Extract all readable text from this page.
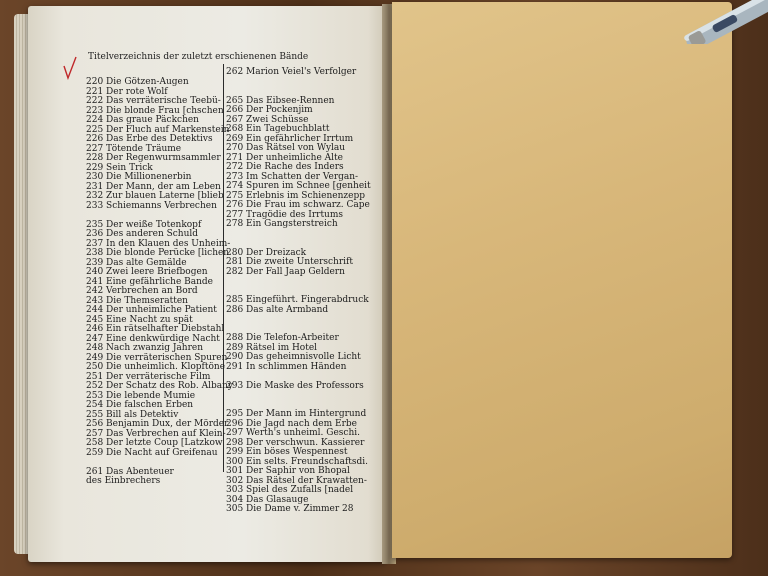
Titelverzeichnis der zuletzt erschienenen Bände
220 Die Götzen-Augen
221 Der rote Wolf
222 Das verräterische Teebü-
223 Die blonde Frau [chschen
224 Das graue Päckchen
225 Der Fluch auf Markenstein
226 Das Erbe des Detektivs
227 Tötende Träume
228 Der Regenwurmsammler
229 Sein Trick
230 Die Millionenerbin
231 Der Mann, der am Leben
232 Zur blauen Laterne [blieb
233 Schiemanns Verbrechen
235 Der weiße Totenkopf
236 Des anderen Schuld
237 In den Klauen des Unheim-
238 Die blonde Perücke [lichen
239 Das alte Gemälde
240 Zwei leere Briefbogen
241 Eine gefährliche Bande
242 Verbrechen an Bord
243 Die Themseratten
244 Der unheimliche Patient
245 Eine Nacht zu spät
246 Ein rätselhafter Diebstahl
247 Eine denkwürdige Nacht
248 Nach zwanzig Jahren
249 Die verräterischen Spuren
250 Die unheimlich. Klopftöne
251 Der verräterische Film
252 Der Schatz des Rob. Albany
253 Die lebende Mumie
254 Die falschen Erben
255 Bill als Detektiv
256 Benjamin Dux, der Mörder
257 Das Verbrechen auf Klein-
258 Der letzte Coup [Latzkow
259 Die Nacht auf Greifenau
261 Das Abenteuer
des Einbrechers
262 Marion Veiel's Verfolger
265 Das Eibsee-Rennen
266 Der Pockenjim
267 Zwei Schüsse
268 Ein Tagebuchblatt
269 Ein gefährlicher Irrtum
270 Das Rätsel von Wylau
271 Der unheimliche Alte
272 Die Rache des Inders
273 Im Schatten der Vergan-
274 Spuren im Schnee [genheit
275 Erlebnis im Schienenzepp
276 Die Frau im schwarz. Cape
277 Tragödie des Irrtums
278 Ein Gangsterstreich
280 Der Dreizack
281 Die zweite Unterschrift
282 Der Fall Jaap Geldern
285 Eingeführt. Fingerabdruck
286 Das alte Armband
288 Die Telefon-Arbeiter
289 Rätsel im Hotel
290 Das geheimnisvolle Licht
291 In schlimmen Händen
293 Die Maske des Professors
295 Der Mann im Hintergrund
296 Die Jagd nach dem Erbe
297 Werth's unheiml. Geschi.
298 Der verschwun. Kassierer
299 Ein böses Wespennest
300 Ein selts. Freundschaftsdi.
301 Der Saphir von Bhopal
302 Das Rätsel der Krawatten-
303 Spiel des Zufalls [nadel
304 Das Glasauge
305 Die Dame v. Zimmer 28
